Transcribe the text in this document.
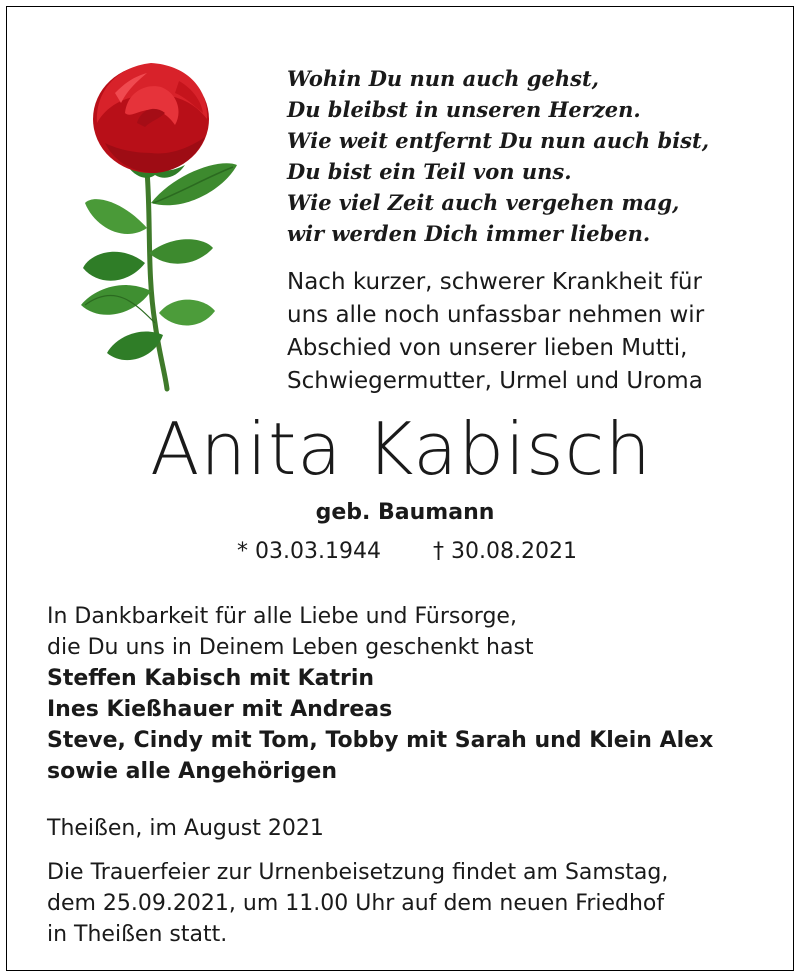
Wohin Du nun auch gehst,
Du bleibst in unseren Herzen.
Wie weit entfernt Du nun auch bist,
Du bist ein Teil von uns.
Wie viel Zeit auch vergehen mag,
wir werden Dich immer lieben.
Nach kurzer, schwerer Krankheit für
uns alle noch unfassbar nehmen wir
Abschied von unserer lieben Mutti,
Schwiegermutter, Urmel und Uroma
Anita Kabisch
geb. Baumann
* 03.03.1944 † 30.08.2021
In Dankbarkeit für alle Liebe und Fürsorge,
die Du uns in Deinem Leben geschenkt hast
Steffen Kabisch mit Katrin
Ines Kießhauer mit Andreas
Steve, Cindy mit Tom, Tobby mit Sarah und Klein Alex
sowie alle Angehörigen
Theißen, im August 2021
Die Trauerfeier zur Urnenbeisetzung findet am Samstag,
dem 25.09.2021, um 11.00 Uhr auf dem neuen Friedhof
in Theißen statt.
